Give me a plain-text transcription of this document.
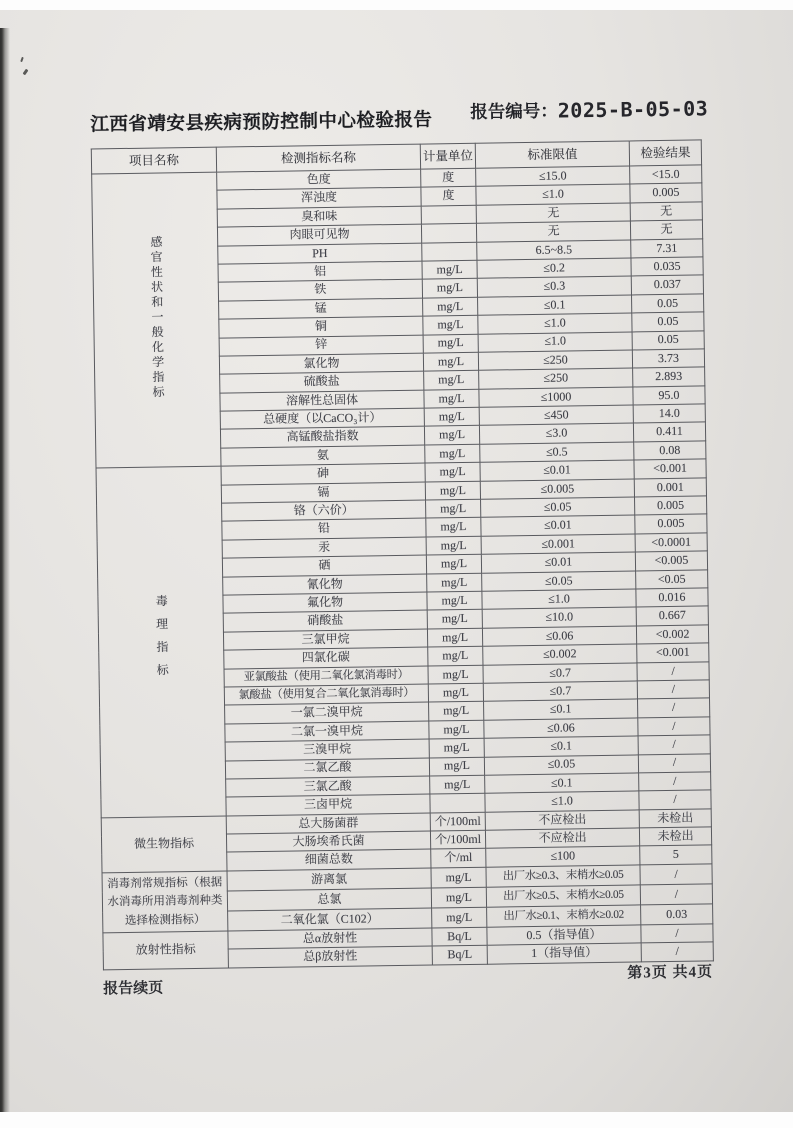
江西省靖安县疾病预防控制中心检验报告 报告编号：2025-B-05-03
项目名称	检测指标名称	计量单位	标准限值	检验结果
感官性状和一般化学指标	色度	度	≤15.0	<15.0
	浑浊度	度	≤1.0	0.005
	臭和味		无	无
	肉眼可见物		无	无
	PH		6.5~8.5	7.31
	铝	mg/L	≤0.2	0.035
	铁	mg/L	≤0.3	0.037
	锰	mg/L	≤0.1	0.05
	铜	mg/L	≤1.0	0.05
	锌	mg/L	≤1.0	0.05
	氯化物	mg/L	≤250	3.73
	硫酸盐	mg/L	≤250	2.893
	溶解性总固体	mg/L	≤1000	95.0
	总硬度（以CaCO₃计）	mg/L	≤450	14.0
	高锰酸盐指数	mg/L	≤3.0	0.411
	氨	mg/L	≤0.5	0.08
毒理指标	砷	mg/L	≤0.01	<0.001
	镉	mg/L	≤0.005	0.001
	铬（六价）	mg/L	≤0.05	0.005
	铅	mg/L	≤0.01	0.005
	汞	mg/L	≤0.001	<0.0001
	硒	mg/L	≤0.01	<0.005
	氰化物	mg/L	≤0.05	<0.05
	氟化物	mg/L	≤1.0	0.016
	硝酸盐	mg/L	≤10.0	0.667
	三氯甲烷	mg/L	≤0.06	<0.002
	四氯化碳	mg/L	≤0.002	<0.001
	亚氯酸盐（使用二氧化氯消毒时）	mg/L	≤0.7	/
	氯酸盐（使用复合二氧化氯消毒时）	mg/L	≤0.7	/
	一氯二溴甲烷	mg/L	≤0.1	/
	二氯一溴甲烷	mg/L	≤0.06	/
	三溴甲烷	mg/L	≤0.1	/
	二氯乙酸	mg/L	≤0.05	/
	三氯乙酸	mg/L	≤0.1	/
	三卤甲烷		≤1.0	/
微生物指标	总大肠菌群	个/100ml	不应检出	未检出
	大肠埃希氏菌	个/100ml	不应检出	未检出
	细菌总数	个/ml	≤100	5
消毒剂常规指标（根据水消毒所用消毒剂种类选择检测指标）	游离氯	mg/L	出厂水≥0.3、末梢水≥0.05	/
	总氯	mg/L	出厂水≥0.5、末梢水≥0.05	/
	二氧化氯（C102）	mg/L	出厂水≥0.1、末梢水≥0.02	0.03
放射性指标	总α放射性	Bq/L	0.5（指导值）	/
	总β放射性	Bq/L	1（指导值）	/
报告续页
第3页 共4页
